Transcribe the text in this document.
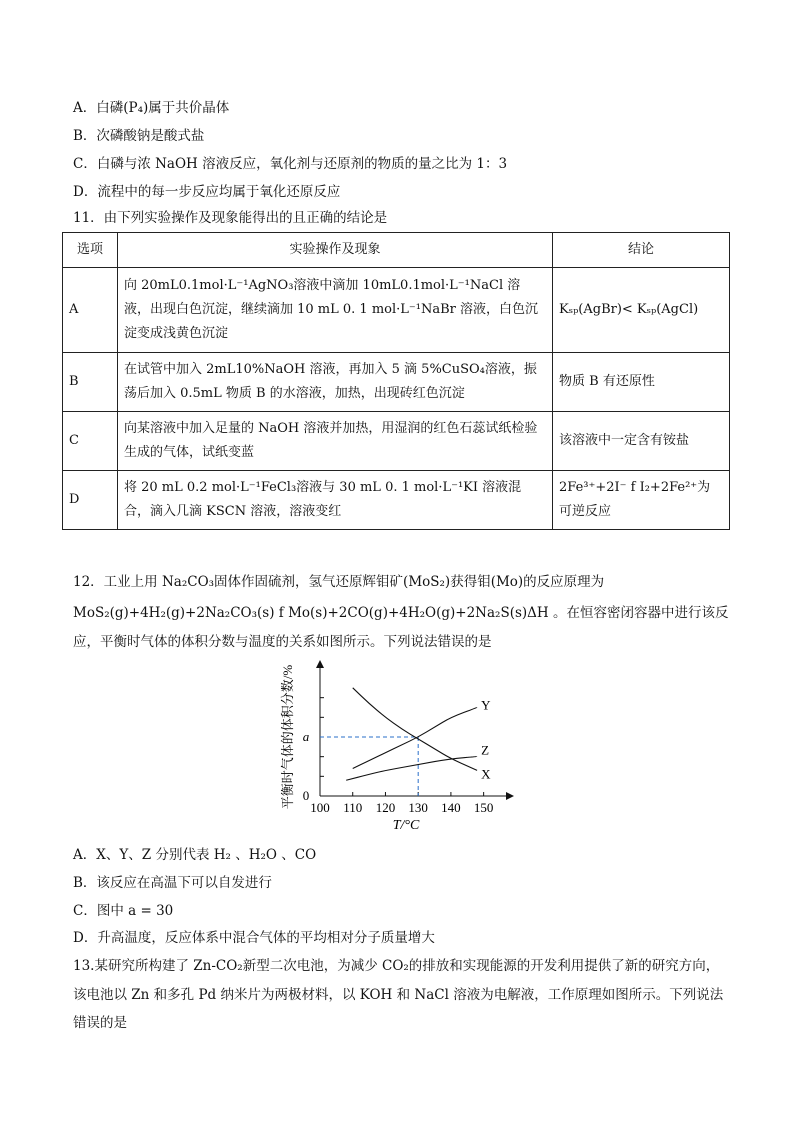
A．白磷(P₄)属于共价晶体
B．次磷酸钠是酸式盐
C．白磷与浓 NaOH 溶液反应，氧化剂与还原剂的物质的量之比为 1：3
D．流程中的每一步反应均属于氧化还原反应
11．由下列实验操作及现象能得出的且正确的结论是
选项	实验操作及现象	结论
A	向 20mL0.1mol·L⁻¹AgNO₃溶液中滴加 10mL0.1mol·L⁻¹NaCl 溶液，出现白色沉淀，继续滴加 10 mL 0. 1 mol·L⁻¹NaBr 溶液，白色沉淀变成浅黄色沉淀	Kₛₚ(AgBr)< Kₛₚ(AgCl)
B	在试管中加入 2mL10%NaOH 溶液，再加入 5 滴 5%CuSO₄溶液，振荡后加入 0.5mL 物质 B 的水溶液，加热，出现砖红色沉淀	物质 B 有还原性
C	向某溶液中加入足量的 NaOH 溶液并加热，用湿润的红色石蕊试纸检验生成的气体，试纸变蓝	该溶液中一定含有铵盐
D	将 20 mL 0.2 mol·L⁻¹FeCl₃溶液与 30 mL 0. 1 mol·L⁻¹KI 溶液混合，滴入几滴 KSCN 溶液，溶液变红	2Fe³⁺+2I⁻ f I₂+2Fe²⁺为可逆反应
12．工业上用 Na₂CO₃固体作固硫剂，氢气还原辉钼矿(MoS₂)获得钼(Mo)的反应原理为
MoS₂(g)+4H₂(g)+2Na₂CO₃(s) f Mo(s)+2CO(g)+4H₂O(g)+2Na₂S(s)ΔH 。在恒容密闭容器中进行该反
应，平衡时气体的体积分数与温度的关系如图所示。下列说法错误的是
100 110 120 130 140 150
0
a
T/°C
平衡时气体的体积分数/%	X
Y
Z
A．X、Y、Z 分别代表 H₂ 、H₂O 、CO
B．该反应在高温下可以自发进行
C．图中 a = 30
D．升高温度，反应体系中混合气体的平均相对分子质量增大
13.某研究所构建了 Zn-CO₂新型二次电池，为减少 CO₂的排放和实现能源的开发利用提供了新的研究方向，
该电池以 Zn 和多孔 Pd 纳米片为两极材料，以 KOH 和 NaCl 溶液为电解液，工作原理如图所示。下列说法
错误的是
